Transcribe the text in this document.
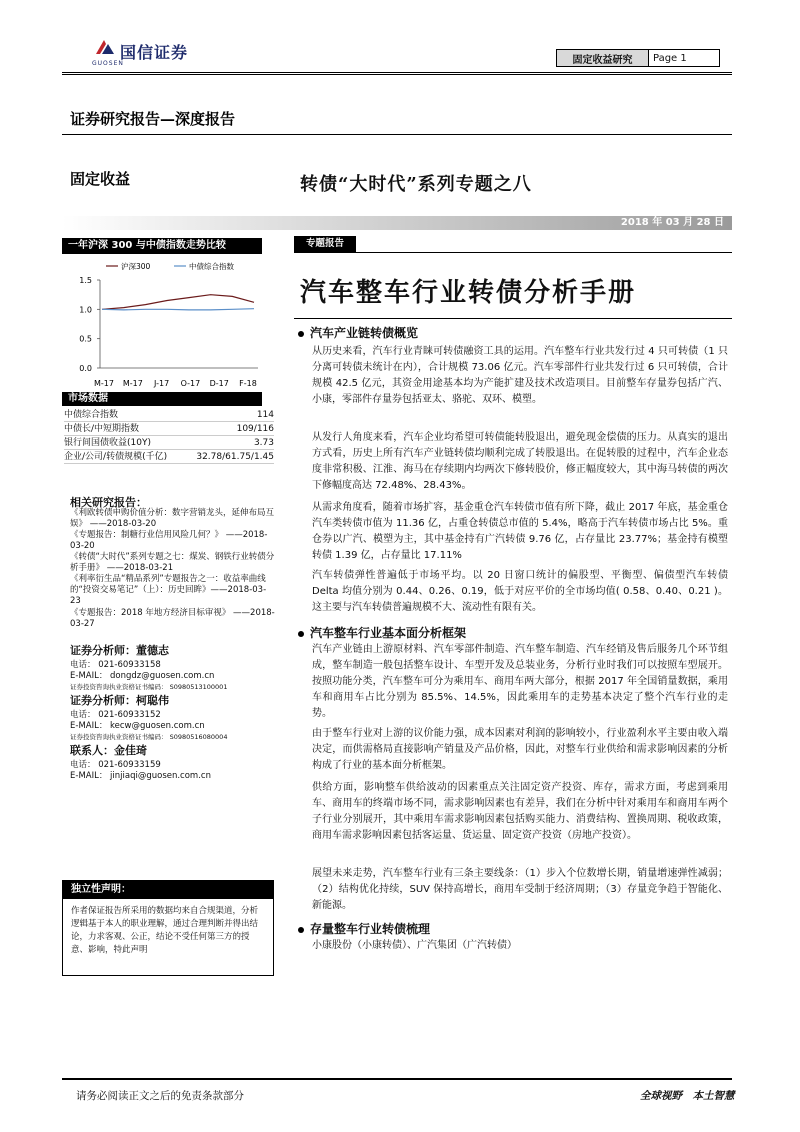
国信证券
GUOSEN	固定收益研究	Page
1
证券研究报告—深度报告
固定收益	转债“大时代”系列专题之八
2018 年 03 月 28 日
一年沪深 300 与中债指数走势比较
1.5
1.0
0.5
0.0
M-17 M-17 J-17 O-17 D-17 F-18
沪深300	中债综合指数
市场数据
中债综合指数	114
中债长/中短期指数	109/116
银行间国债收益(10Y)	3.73
企业/公司/转债规模(千亿)	32.78/61.75/1.45
相关研究报告：
《利欧转债申购价值分析：数字营销龙头，延伸布局互娱》 ——2018-03-20
《专题报告：制糖行业信用风险几何？》 ——2018-03-20
《转债“大时代”系列专题之七：煤炭、钢铁行业转债分析手册》 ——2018-03-21
《利率衍生品“精品系列”专题报告之一：收益率曲线的“投资交易笔记”（上）：历史回眸》——2018-03-23
《专题报告：2018 年地方经济目标审视》 ——2018-03-27
证券分析师：董德志
电话： 021-60933158
E-MAIL： dongdz@guosen.com.cn
证券投资咨询执业资格证书编码： S0980513100001
证券分析师：柯聪伟
电话： 021-60933152
E-MAIL： kecw@guosen.com.cn
证券投资咨询执业资格证书编码： S0980516080004
联系人：金佳琦
电话： 021-60933159
E-MAIL： jinjiaqi@guosen.com.cn
独立性声明：
作者保证报告所采用的数据均来自合规渠道，分析逻辑基于本人的职业理解，通过合理判断并得出结论，力求客观、公正，结论不受任何第三方的授意、影响，特此声明
专题报告
汽车整车行业转债分析手册
汽车产业链转债概览
从历史来看，汽车行业青睐可转债融资工具的运用。汽车整车行业共发行过 4 只可转债（1 只分离可转债未统计在内），合计规模 73.06 亿元。汽车零部件行业共发行过 6 只可转债，合计规模 42.5 亿元，其资金用途基本均为产能扩建及技术改造项目。目前整车存量券包括广汽、小康，零部件存量券包括亚太、骆驼、双环、模塑。
从发行人角度来看，汽车企业均希望可转债能转股退出，避免现金偿债的压力。从真实的退出方式看，历史上所有汽车产业链转债均顺利完成了转股退出。在促转股的过程中，汽车企业态度非常积极、江淮、海马在存续期内均两次下修转股价，修正幅度较大，其中海马转债的两次下修幅度高达 72.48%、28.43%。
从需求角度看，随着市场扩容，基金重仓汽车转债市值有所下降，截止 2017 年底，基金重仓汽车类转债市值为 11.36 亿，占重仓转债总市值的 5.4%，略高于汽车转债市场占比 5%。重仓券以广汽、模塑为主，其中基金持有广汽转债 9.76 亿，占存量比 23.77%；基金持有模塑转债 1.39 亿，占存量比 17.11%
汽车转债弹性普遍低于市场平均。以 20 日窗口统计的偏股型、平衡型、偏债型汽车转债 Delta 均值分别为 0.44、0.26、0.19，低于对应平价的全市场均值( 0.58、0.40、0.21 )。这主要与汽车转债普遍规模不大、流动性有限有关。
汽车整车行业基本面分析框架
汽车产业链由上游原材料、汽车零部件制造、汽车整车制造、汽车经销及售后服务几个环节组成，整车制造一般包括整车设计、车型开发及总装业务，分析行业时我们可以按照车型展开。按照功能分类，汽车整车可分为乘用车、商用车两大部分，根据 2017 年全国销量数据，乘用车和商用车占比分别为 85.5%、14.5%，因此乘用车的走势基本决定了整个汽车行业的走势。
由于整车行业对上游的议价能力强，成本因素对利润的影响较小，行业盈利水平主要由收入端决定，而供需格局直接影响产销量及产品价格，因此，对整车行业供给和需求影响因素的分析构成了行业的基本面分析框架。
供给方面，影响整车供给波动的因素重点关注固定资产投资、库存，需求方面，考虑到乘用车、商用车的终端市场不同，需求影响因素也有差异，我们在分析中针对乘用车和商用车两个子行业分别展开，其中乘用车需求影响因素包括购买能力、消费结构、置换周期、税收政策，商用车需求影响因素包括客运量、货运量、固定资产投资（房地产投资）。
展望未来走势，汽车整车行业有三条主要线条：（1）步入个位数增长期，销量增速弹性减弱；（2）结构优化持续，SUV 保持高增长，商用车受制于经济周期；（3）存量竞争趋于智能化、新能源。
存量整车行业转债梳理
小康股份（小康转债）、广汽集团（广汽转债）
请务必阅读正文之后的免责条款部分	全球视野　本土智慧
